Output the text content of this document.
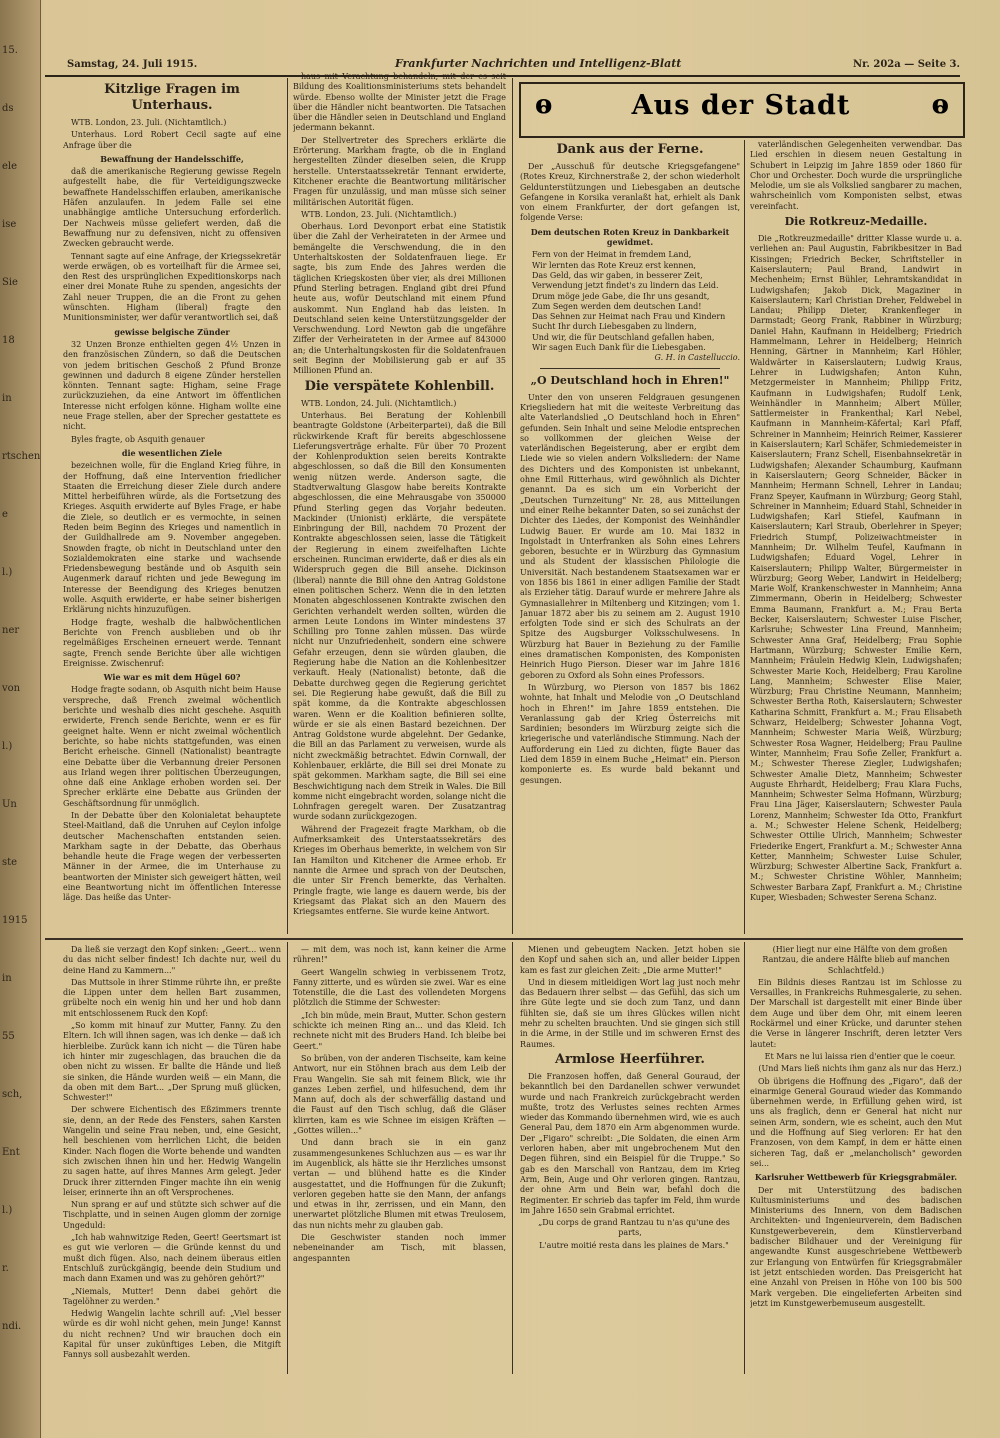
15.
ds
ele
ise
Sie
18
in
rtschen
e
l.)
ner
von
l.)
Un
ste
1915
in
55
sch,
Ent
l.)
r.
ndi.
Samstag, 24. Juli 1915.	Frankfurter Nachrichten und Intelligenz-Blatt	Nr. 202a — Seite 3.
Kitzlige Fragen im Unterhaus.

WTB. London, 23. Juli. (Nichtamtlich.)

Unterhaus. Lord Robert Cecil sagte auf eine Anfrage über die

Bewaffnung der Handelsschiffe,

daß die amerikanische Regierung gewisse Regeln aufgestellt habe, die für Verteidigungszwecke bewaffnete Handelsschiffen erlauben, amerikanische Häfen anzulaufen. In jedem Falle sei eine unabhängige amtliche Untersuchung erforderlich. Der Nachweis müsse geliefert werden, daß die Bewaffnung nur zu defensiven, nicht zu offensiven Zwecken gebraucht werde.

Tennant sagte auf eine Anfrage, der Kriegssekretär werde erwägen, ob es vorteilhaft für die Armee sei, den Rest des ursprünglichen Expeditionskorps nach einer drei Monate Ruhe zu spenden, angesichts der Zahl neuer Truppen, die an die Front zu gehen wünschten. Higham (liberal) fragte den Munitionsminister, wer dafür verantwortlich sei, daß

gewisse belgische Zünder

32 Unzen Bronze enthielten gegen 4½ Unzen in den französischen Zündern, so daß die Deutschen von jedem britischen Geschoß 2 Pfund Bronze gewinnen und dadurch 8 eigene Zünder herstellen könnten. Tennant sagte: Higham, seine Frage zurückzuziehen, da eine Antwort im öffentlichen Interesse nicht erfolgen könne. Higham wollte eine neue Frage stellen, aber der Sprecher gestattete es nicht.

Byles fragte, ob Asquith genauer

die wesentlichen Ziele

bezeichnen wolle, für die England Krieg führe, in der Hoffnung, daß eine Intervention friedlicher Staaten die Erreichung dieser Ziele durch andere Mittel herbeiführen würde, als die Fortsetzung des Krieges. Asquith erwiderte auf Byles Frage, er habe die Ziele, so deutlich er es vermochte, in seinen Reden beim Beginn des Krieges und namentlich in der Guildhallrede am 9. November angegeben. Snowden fragte, ob nicht in Deutschland unter den Sozialdemokraten eine starke und wachsende Friedensbewegung bestände und ob Asquith sein Augenmerk darauf richten und jede Bewegung im Interesse der Beendigung des Krieges benutzen wolle. Asquith erwiderte, er habe seiner bisherigen Erklärung nichts hinzuzufügen.

Hodge fragte, weshalb die halbwöchentlichen Berichte von French ausblieben und ob ihr regelmäßiges Erscheinen erneuert werde. Tennant sagte, French sende Berichte über alle wichtigen Ereignisse. Zwischenruf:

Wie war es mit dem Hügel 60?

Hodge fragte sodann, ob Asquith nicht beim Hause verspreche, daß French zweimal wöchentlich berichte und weshalb dies nicht geschehe. Asquith erwiderte, French sende Berichte, wenn er es für geeignet halte. Wenn er nicht zweimal wöchentlich berichte, so habe nichts stattgefunden, was einen Bericht erheische. Ginnell (Nationalist) beantragte eine Debatte über die Verbannung dreier Personen aus Irland wegen ihrer politischen Überzeugungen, ohne daß eine Anklage erhoben worden sei. Der Sprecher erklärte eine Debatte aus Gründen der Geschäftsordnung für unmöglich.

In der Debatte über den Kolonialetat behauptete Steel-Maitland, daß die Unruhen auf Ceylon infolge deutscher Machenschaften entstanden seien. Markham sagte in der Debatte, das Oberhaus behandle heute die Frage wegen der verbesserten Männer in der Armee, die im Unterhause zu beantworten der Minister sich geweigert hätten, weil eine Beantwortung nicht im öffentlichen Interesse läge. Das heiße das Unter-

haus mit Verachtung behandeln, mit der es seit Bildung des Koalitionsministeriums stets behandelt würde. Ebenso wollte der Minister jetzt die Frage über die Händler nicht beantworten. Die Tatsachen über die Händler seien in Deutschland und England jedermann bekannt.

Der Stellvertreter des Sprechers erklärte die Erörterung. Markham fragte, ob die in England hergestellten Zünder dieselben seien, die Krupp herstelle. Unterstaatssekretär Tennant erwiderte, Kitchener erachte die Beantwortung militärischer Fragen für unzulässig, und man müsse sich seiner militärischen Autorität fügen.

WTB. London, 23. Juli. (Nichtamtlich.)

Oberhaus. Lord Devonport erbat eine Statistik über die Zahl der Verheirateten in der Armee und bemängelte die Verschwendung, die in den Unterhaltskosten der Soldatenfrauen liege. Er sagte, bis zum Ende des Jahres werden die täglichen Kriegskosten über vier, als drei Millionen Pfund Sterling betragen. England gibt drei Pfund heute aus, wofür Deutschland mit einem Pfund auskommt. Nun England hab das leisten. In Deutschland seien keine Unterstützungsgelder der Verschwendung. Lord Newton gab die ungefähre Ziffer der Verheirateten in der Armee auf 843000 an; die Unterhaltungskosten für die Soldatenfrauen seit Beginn der Mobilisierung gab er auf 35 Millionen Pfund an.

Die verspätete Kohlenbill.

WTB. London, 24. Juli. (Nichtamtlich.)

Unterhaus. Bei Beratung der Kohlenbill beantragte Goldstone (Arbeiterpartei), daß die Bill rückwirkende Kraft für bereits abgeschlossene Lieferungsverträge erhalte. Für über 70 Prozent der Kohlenproduktion seien bereits Kontrakte abgeschlossen, so daß die Bill den Konsumenten wenig nützen werde. Anderson sagte, die Stadtverwaltung Glasgow habe bereits Kontrakte abgeschlossen, die eine Mehrausgabe von 350000 Pfund Sterling gegen das Vorjahr bedeuten. Mackinder (Unionist) erklärte, die verspätete Einbringung der Bill, nachdem 70 Prozent der Kontrakte abgeschlossen seien, lasse die Tätigkeit der Regierung in einem zweifelhaften Lichte erscheinen. Runciman erwiderte, daß er dies als ein Widerspruch gegen die Bill ansehe. Dickinson (liberal) nannte die Bill ohne den Antrag Goldstone einen politischen Scherz. Wenn die in den letzten Monaten abgeschlossenen Kontrakte zwischen den Gerichten verhandelt werden sollten, würden die armen Leute Londons im Winter mindestens 37 Schilling pro Tonne zahlen müssen. Das würde nicht nur Unzufriedenheit, sondern eine schwere Gefahr erzeugen, denn sie würden glauben, die Regierung habe die Nation an die Kohlenbesitzer verkauft. Healy (Nationalist) betonte, daß die Debatte durchweg gegen die Regierung gerichtet sei. Die Regierung habe gewußt, daß die Bill zu spät komme, da die Kontrakte abgeschlossen waren. Wenn er die Koalition befinieren sollte, würde er sie als einen Bastard bezeichnen. Der Antrag Goldstone wurde abgelehnt. Der Gedanke, die Bill an das Parlament zu verweisen, wurde als nicht zweckmäßig betrachtet. Edwin Cornwall, der Kohlenbauer, erklärte, die Bill sei drei Monate zu spät gekommen. Markham sagte, die Bill sei eine Beschwichtigung nach dem Streik in Wales. Die Bill komme nicht eingebracht worden, solange nicht die Lohnfragen geregelt waren. Der Zusatzantrag wurde sodann zurückgezogen.

Während der Fragezeit fragte Markham, ob die Aufmerksamkeit des Unterstaatssekretärs des Krieges im Oberhaus bemerkte, in welchem von Sir Ian Hamilton und Kitchener die Armee erhob. Er nannte die Armee und sprach von der Deutschen, die unter Sir French bemerkte, das Verhalten. Pringle fragte, wie lange es dauern werde, bis der Kriegsamt das Plakat sich an den Mauern des Kriegsamtes entferne. Sie wurde keine Antwort.

ⱺ	Aus der Stadt	ⱺ
Dank aus der Ferne.

Der „Ausschuß für deutsche Kriegsgefangene" (Rotes Kreuz, Kirchnerstraße 2, der schon wiederholt Geldunterstützungen und Liebesgaben an deutsche Gefangene in Korsika veranlaßt hat, erhielt als Dank von einem Frankfurter, der dort gefangen ist, folgende Verse:

Dem deutschen Roten Kreuz in Dankbarkeit gewidmet.
Fern von der Heimat in fremdem Land,
Wir lernten das Rote Kreuz erst kennen,
Das Geld, das wir gaben, in besserer Zeit,
Verwendung jetzt findet's zu lindern das Leid.
Drum möge jede Gabe, die Ihr uns gesandt,
Zum Segen werden dem deutschen Land!
Das Sehnen zur Heimat nach Frau und Kindern
Sucht Ihr durch Liebesgaben zu lindern,
Und wir, die für Deutschland gefallen haben,
Wir sagen Euch Dank für die Liebesgaben.
G. H. in Castelluccio.
„O Deutschland hoch in Ehren!"

Unter den von unseren Feldgrauen gesungenen Kriegsliedern hat mit die weiteste Verbreitung das alte Vaterlandslied „O Deutschland hoch in Ehren" gefunden. Sein Inhalt und seine Melodie entsprechen so vollkommen der gleichen Weise der vaterländischen Begeisterung, aber er ergibt dem Liede wie so vielen andern Volksliedern: der Name des Dichters und des Komponisten ist unbekannt, ohne Emil Ritterhaus, wird gewöhnlich als Dichter genannt. Da es sich um ein Vorbericht der „Deutschen Turnzeitung" Nr. 28, aus Mitteilungen und einer Reihe bekannter Daten, so sei zunächst der Dichter des Liedes, der Komponist des Weinhändler Ludwig Bauer. Er wurde am 10. Mai 1832 in Ingolstadt in Unterfranken als Sohn eines Lehrers geboren, besuchte er in Würzburg das Gymnasium und als Student der klassischen Philologie die Universität. Nach bestandenem Staatsexamen war er von 1856 bis 1861 in einer adligen Familie der Stadt als Erzieher tätig. Darauf wurde er mehrere Jahre als Gymnasiallehrer in Miltenberg und Kitzingen; vom 1. Januar 1872 aber bis zu seinem am 2. August 1910 erfolgten Tode sind er sich des Schulrats an der Spitze des Augsburger Volksschulwesens. In Würzburg hat Bauer in Beziehung zu der Familie eines dramatischen Komponisten, des Komponisten Heinrich Hugo Pierson. Dieser war im Jahre 1816 geboren zu Oxford als Sohn eines Professors.

In Würzburg, wo Pierson von 1857 bis 1862 wohnte, hat Inhalt und Melodie von „O Deutschland hoch in Ehren!" im Jahre 1859 entstehen. Die Veranlassung gab der Krieg Österreichs mit Sardinien; besonders im Würzburg zeigte sich die kriegerische und vaterländische Stimmung. Nach der Aufforderung ein Lied zu dichten, fügte Bauer das Lied dem 1859 in einem Buche „Heimat" ein. Pierson komponierte es. Es wurde bald bekannt und gesungen.

vaterländischen Gelegenheiten verwendbar. Das Lied erschien in diesem neuen Gestaltung in Schubert in Leipzig im Jahre 1859 oder 1860 für Chor und Orchester. Doch wurde die ursprüngliche Melodie, um sie als Volkslied sangbarer zu machen, wahrscheinlich vom Komponisten selbst, etwas vereinfacht.

Die Rotkreuz-Medaille.

Die „Rotkreuzmedaille" dritter Klasse wurde u. a. verliehen an: Paul Augustin, Fabrikbesitzer in Bad Kissingen; Friedrich Becker, Schriftsteller in Kaiserslautern; Paul Brand, Landwirt in Mechenheim; Ernst Bühler, Lehramtskandidat in Ludwigshafen; Jakob Dick, Magaziner in Kaiserslautern; Karl Christian Dreher, Feldwebel in Landau; Philipp Dieter, Krankenfleger in Darmstadt; Georg Frank, Rabbiner in Würzburg; Daniel Hahn, Kaufmann in Heidelberg; Friedrich Hammelmann, Lehrer in Heidelberg; Heinrich Henning, Gärtner in Mannheim; Karl Höhler, Waldwärter in Kaiserslautern; Ludwig Kraus, Lehrer in Ludwigshafen; Anton Kuhn, Metzgermeister in Mannheim; Philipp Fritz, Kaufmann in Ludwigshafen; Rudolf Lenk, Weinhändler in Mannheim; Albert Müller, Sattlermeister in Frankenthal; Karl Nebel, Kaufmann in Mannheim-Käfertal; Karl Pfaff, Schreiner in Mannheim; Heinrich Reimer, Kassierer in Kaiserslautern; Karl Schäfer, Schmiedemeister in Kaiserslautern; Franz Schell, Eisenbahnsekretär in Ludwigshafen; Alexander Schaumburg, Kaufmann in Kaiserslautern; Georg Schneider, Bäcker in Mannheim; Hermann Schnell, Lehrer in Landau; Franz Speyer, Kaufmann in Würzburg; Georg Stahl, Schreiner in Mannheim; Eduard Stahl, Schneider in Ludwigshafen; Karl Stiefel, Kaufmann in Kaiserslautern; Karl Straub, Oberlehrer in Speyer; Friedrich Stumpf, Polizeiwachtmeister in Mannheim; Dr. Wilhelm Teufel, Kaufmann in Ludwigshafen; Eduard Vogel, Lehrer in Kaiserslautern; Philipp Walter, Bürgermeister in Würzburg; Georg Weber, Landwirt in Heidelberg; Marie Wolf, Krankenschwester in Mannheim; Anna Zimmermann, Oberin in Heidelberg; Schwester Emma Baumann, Frankfurt a. M.; Frau Berta Becker, Kaiserslautern; Schwester Luise Fischer, Karlsruhe; Schwester Lina Freund, Mannheim; Schwester Anna Graf, Heidelberg; Frau Sophie Hartmann, Würzburg; Schwester Emilie Kern, Mannheim; Fräulein Hedwig Klein, Ludwigshafen; Schwester Marie Koch, Heidelberg; Frau Karoline Lang, Mannheim; Schwester Elise Maier, Würzburg; Frau Christine Neumann, Mannheim; Schwester Bertha Roth, Kaiserslautern; Schwester Katharina Schmitt, Frankfurt a. M.; Frau Elisabeth Schwarz, Heidelberg; Schwester Johanna Vogt, Mannheim; Schwester Maria Weiß, Würzburg; Schwester Rosa Wagner, Heidelberg; Frau Pauline Winter, Mannheim; Frau Sofie Zeller, Frankfurt a. M.; Schwester Therese Ziegler, Ludwigshafen; Schwester Amalie Dietz, Mannheim; Schwester Auguste Ehrhardt, Heidelberg; Frau Klara Fuchs, Mannheim; Schwester Selma Hofmann, Würzburg; Frau Lina Jäger, Kaiserslautern; Schwester Paula Lorenz, Mannheim; Schwester Ida Otto, Frankfurt a. M.; Schwester Helene Schenk, Heidelberg; Schwester Ottilie Ulrich, Mannheim; Schwester Friederike Engert, Frankfurt a. M.; Schwester Anna Ketter, Mannheim; Schwester Luise Schuler, Würzburg; Schwester Albertine Sack, Frankfurt a. M.; Schwester Christine Wöhler, Mannheim; Schwester Barbara Zapf, Frankfurt a. M.; Christine Kuper, Wiesbaden; Schwester Serena Schanz.

Da ließ sie verzagt den Kopf sinken: „Geert... wenn du das nicht selber findest! Ich dachte nur, weil du deine Hand zu Kammern..."

Das Muttsole in ihrer Stimme rührte ihn, er preßte die Lippen unter dem hellen Bart zusammen, grübelte noch ein wenig hin und her und hob dann mit entschlossenem Ruck den Kopf:

„So komm mit hinauf zur Mutter, Fanny. Zu den Eltern. Ich will ihnen sagen, was ich denke — daß ich hierbleibe. Zurück kann ich nicht — die Türen habe ich hinter mir zugeschlagen, das brauchen die da oben nicht zu wissen. Er ballte die Hände und ließ sie sinken, die Hände wurden weiß — ein Mann, die da oben mit dem Bart... „Der Sprung muß glücken, Schwester!"

Der schwere Eichentisch des Eßzimmers trennte sie, denn, an der Rede des Fensters, sahen Karsten Wangelin und seine Frau neben, und, eine Gesicht, hell beschienen vom herrlichen Licht, die beiden Kinder. Nach flogen die Worte behende und wandten sich zwischen ihnen hin und her. Hedwig Wangelin zu sagen hatte, auf ihres Mannes Arm gelegt. Jeder Druck ihrer zitternden Finger machte ihn ein wenig leiser, erinnerte ihn an oft Versprochenes.

Nun sprang er auf und stützte sich schwer auf die Tischplatte, und in seinen Augen glomm der zornige Ungeduld:

„Ich hab wahnwitzige Reden, Geert! Geertsmart ist es gut wie verloren — die Gründe kennst du und mußt dich fügen. Also, nach deinem überaus eitlen Entschluß zurückgängig, beende dein Studium und mach dann Examen und was zu gehören gehört?"

„Niemals, Mutter! Denn dabei gehört die Tagelöhner zu werden."

Hedwig Wangelin lachte schrill auf: „Viel besser würde es dir wohl nicht gehen, mein Junge! Kannst du nicht rechnen? Und wir brauchen doch ein Kapital für unser zukünftiges Leben, die Mitgift Fannys soll ausbezahlt werden.

— mit dem, was noch ist, kann keiner die Arme rühren!"

Geert Wangelin schwieg in verbissenem Trotz, Fanny zitterte, und es würden sie zwei. War es eine Totenstille, die die Last des vollendeten Morgens plötzlich die Stimme der Schwester:

„Ich bin müde, mein Braut, Mutter. Schon gestern schickte ich meinen Ring an... und das Kleid. Ich rechnete nicht mit des Bruders Hand. Ich bleibe bei Geert."

So brüben, von der anderen Tischseite, kam keine Antwort, nur ein Stöhnen brach aus dem Leib der Frau Wangelin. Sie sah mit feinem Blick, wie ihr ganzes Leben zerfiel, und hilfesuchend, dem ihr Mann auf, doch als der schwerfällig dastand und die Faust auf den Tisch schlug, daß die Gläser klirrten, kam es wie Schnee im eisigen Kräften — „Gottes willen..."

Und dann brach sie in ein ganz zusammengesunkenes Schluchzen aus — es war ihr im Augenblick, als hätte sie ihr Herzliches umsonst vertan — und blühend hatte es die Kinder ausgestattet, und die Hoffnungen für die Zukunft; verloren gegeben hatte sie den Mann, der anfangs und etwas in ihr, zerrissen, und ein Mann, den unerwartet plötzliche Blumen mit etwas Treulosem, das nun nichts mehr zu glauben gab.

Die Geschwister standen noch immer nebeneinander am Tisch, mit blassen, angespannten

Mienen und gebeugtem Nacken. Jetzt hoben sie den Kopf und sahen sich an, und aller beider Lippen kam es fast zur gleichen Zeit: „Die arme Mutter!"

Und in diesem mitleidigen Wort lag just noch mehr das Bedauern ihrer selbst — das Gefühl, das sich um ihre Güte legte und sie doch zum Tanz, und dann fühlten sie, daß sie um ihres Glückes willen nicht mehr zu schelten brauchten. Und sie gingen sich still in die Arme, in der Stille und im schweren Ernst des Raumes.

Armlose Heerführer.

Die Franzosen hoffen, daß General Gouraud, der bekanntlich bei den Dardanellen schwer verwundet wurde und nach Frankreich zurückgebracht werden mußte, trotz des Verlustes seines rechten Armes wieder das Kommando übernehmen wird, wie es auch General Pau, dem 1870 ein Arm abgenommen wurde. Der „Figaro" schreibt: „Die Soldaten, die einen Arm verloren haben, aber mit ungebrochenem Mut den Degen führen, sind ein Beispiel für die Truppe." So gab es den Marschall von Rantzau, dem im Krieg Arm, Bein, Auge und Ohr verloren gingen. Rantzau, der ohne Arm und Bein war, befahl doch die Regimenter. Er schrieb das tapfer im Feld, ihm wurde im Jahre 1650 sein Grabmal errichtet.

„Du corps de grand Rantzau tu n'as qu'une des parts,

L'autre moitié resta dans les plaines de Mars."

(Hier liegt nur eine Hälfte von dem großen Rantzau, die andere Hälfte blieb auf manchen Schlachtfeld.)

Ein Bildnis dieses Rantzau ist im Schlosse zu Versailles, in Frankreichs Ruhmesgalerie, zu sehen. Der Marschall ist dargestellt mit einer Binde über dem Auge und über dem Ohr, mit einem leeren Rockärmel und einer Krücke, und darunter stehen die Verse in längerer Inschrift, deren letzter Vers lautet:

Et Mars ne lui laissa rien d'entier que le coeur.

(Und Mars ließ nichts ihm ganz als nur das Herz.)

Ob übrigens die Hoffnung des „Figaro", daß der einarmige General Gouraud wieder das Kommando übernehmen werde, in Erfüllung gehen wird, ist uns als fraglich, denn er General hat nicht nur seinen Arm, sondern, wie es scheint, auch den Mut und die Hoffnung auf Sieg verloren: Er hat den Franzosen, von dem Kampf, in dem er hätte einen sicheren Tag, daß er „melancholisch" geworden sei...

Karlsruher Wettbewerb für Kriegsgrabmäler.

Der mit Unterstützung des badischen Kultusministeriums und des badischen Ministeriums des Innern, von dem Badischen Architekten- und Ingenieurverein, dem Badischen Kunstgewerbeverein, dem Künstlerverband badischer Bildhauer und der Vereinigung für angewandte Kunst ausgeschriebene Wettbewerb zur Erlangung von Entwürfen für Kriegsgrabmäler ist jetzt entschieden worden. Das Preisgericht hat eine Anzahl von Preisen in Höhe von 100 bis 500 Mark vergeben. Die eingelieferten Arbeiten sind jetzt im Kunstgewerbemuseum ausgestellt.
